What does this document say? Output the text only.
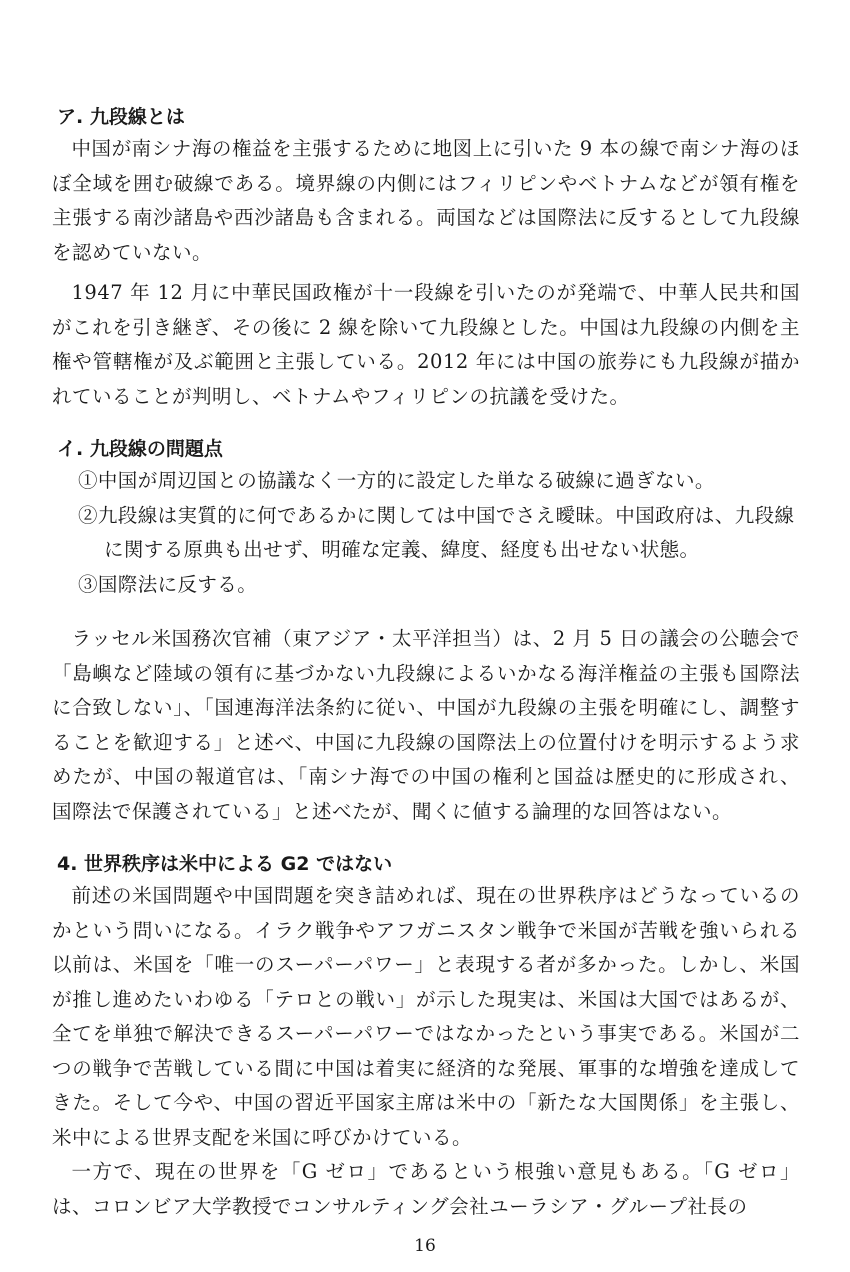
ア. 九段線とは

中国が南シナ海の権益を主張するために地図上に引いた 9 本の線で南シナ海のほぼ全域を囲む破線である。境界線の内側にはフィリピンやベトナムなどが領有権を主張する南沙諸島や西沙諸島も含まれる。両国などは国際法に反するとして九段線を認めていない。

1947 年 12 月に中華民国政権が十一段線を引いたのが発端で、中華人民共和国がこれを引き継ぎ、その後に 2 線を除いて九段線とした。中国は九段線の内側を主権や管轄権が及ぶ範囲と主張している。2012 年には中国の旅券にも九段線が描かれていることが判明し、ベトナムやフィリピンの抗議を受けた。

イ. 九段線の問題点
①中国が周辺国との協議なく一方的に設定した単なる破線に過ぎない。
②九段線は実質的に何であるかに関しては中国でさえ曖昧。中国政府は、九段線に関する原典も出せず、明確な定義、緯度、経度も出せない状態。
③国際法に反する。

ラッセル米国務次官補（東アジア・太平洋担当）は、2 月 5 日の議会の公聴会で「島嶼など陸域の領有に基づかない九段線によるいかなる海洋権益の主張も国際法に合致しない」、「国連海洋法条約に従い、中国が九段線の主張を明確にし、調整することを歓迎する」と述べ、中国に九段線の国際法上の位置付けを明示するよう求めたが、中国の報道官は、「南シナ海での中国の権利と国益は歴史的に形成され、国際法で保護されている」と述べたが、聞くに値する論理的な回答はない。

4. 世界秩序は米中による G2 ではない

前述の米国問題や中国問題を突き詰めれば、現在の世界秩序はどうなっているのかという問いになる。イラク戦争やアフガニスタン戦争で米国が苦戦を強いられる以前は、米国を「唯一のスーパーパワー」と表現する者が多かった。しかし、米国が推し進めたいわゆる「テロとの戦い」が示した現実は、米国は大国ではあるが、全てを単独で解決できるスーパーパワーではなかったという事実である。米国が二つの戦争で苦戦している間に中国は着実に経済的な発展、軍事的な増強を達成してきた。そして今や、中国の習近平国家主席は米中の「新たな大国関係」を主張し、米中による世界支配を米国に呼びかけている。

一方で、現在の世界を「G ゼロ」であるという根強い意見もある。「G ゼロ」は、コロンビア大学教授でコンサルティング会社ユーラシア・グループ社長の

16
